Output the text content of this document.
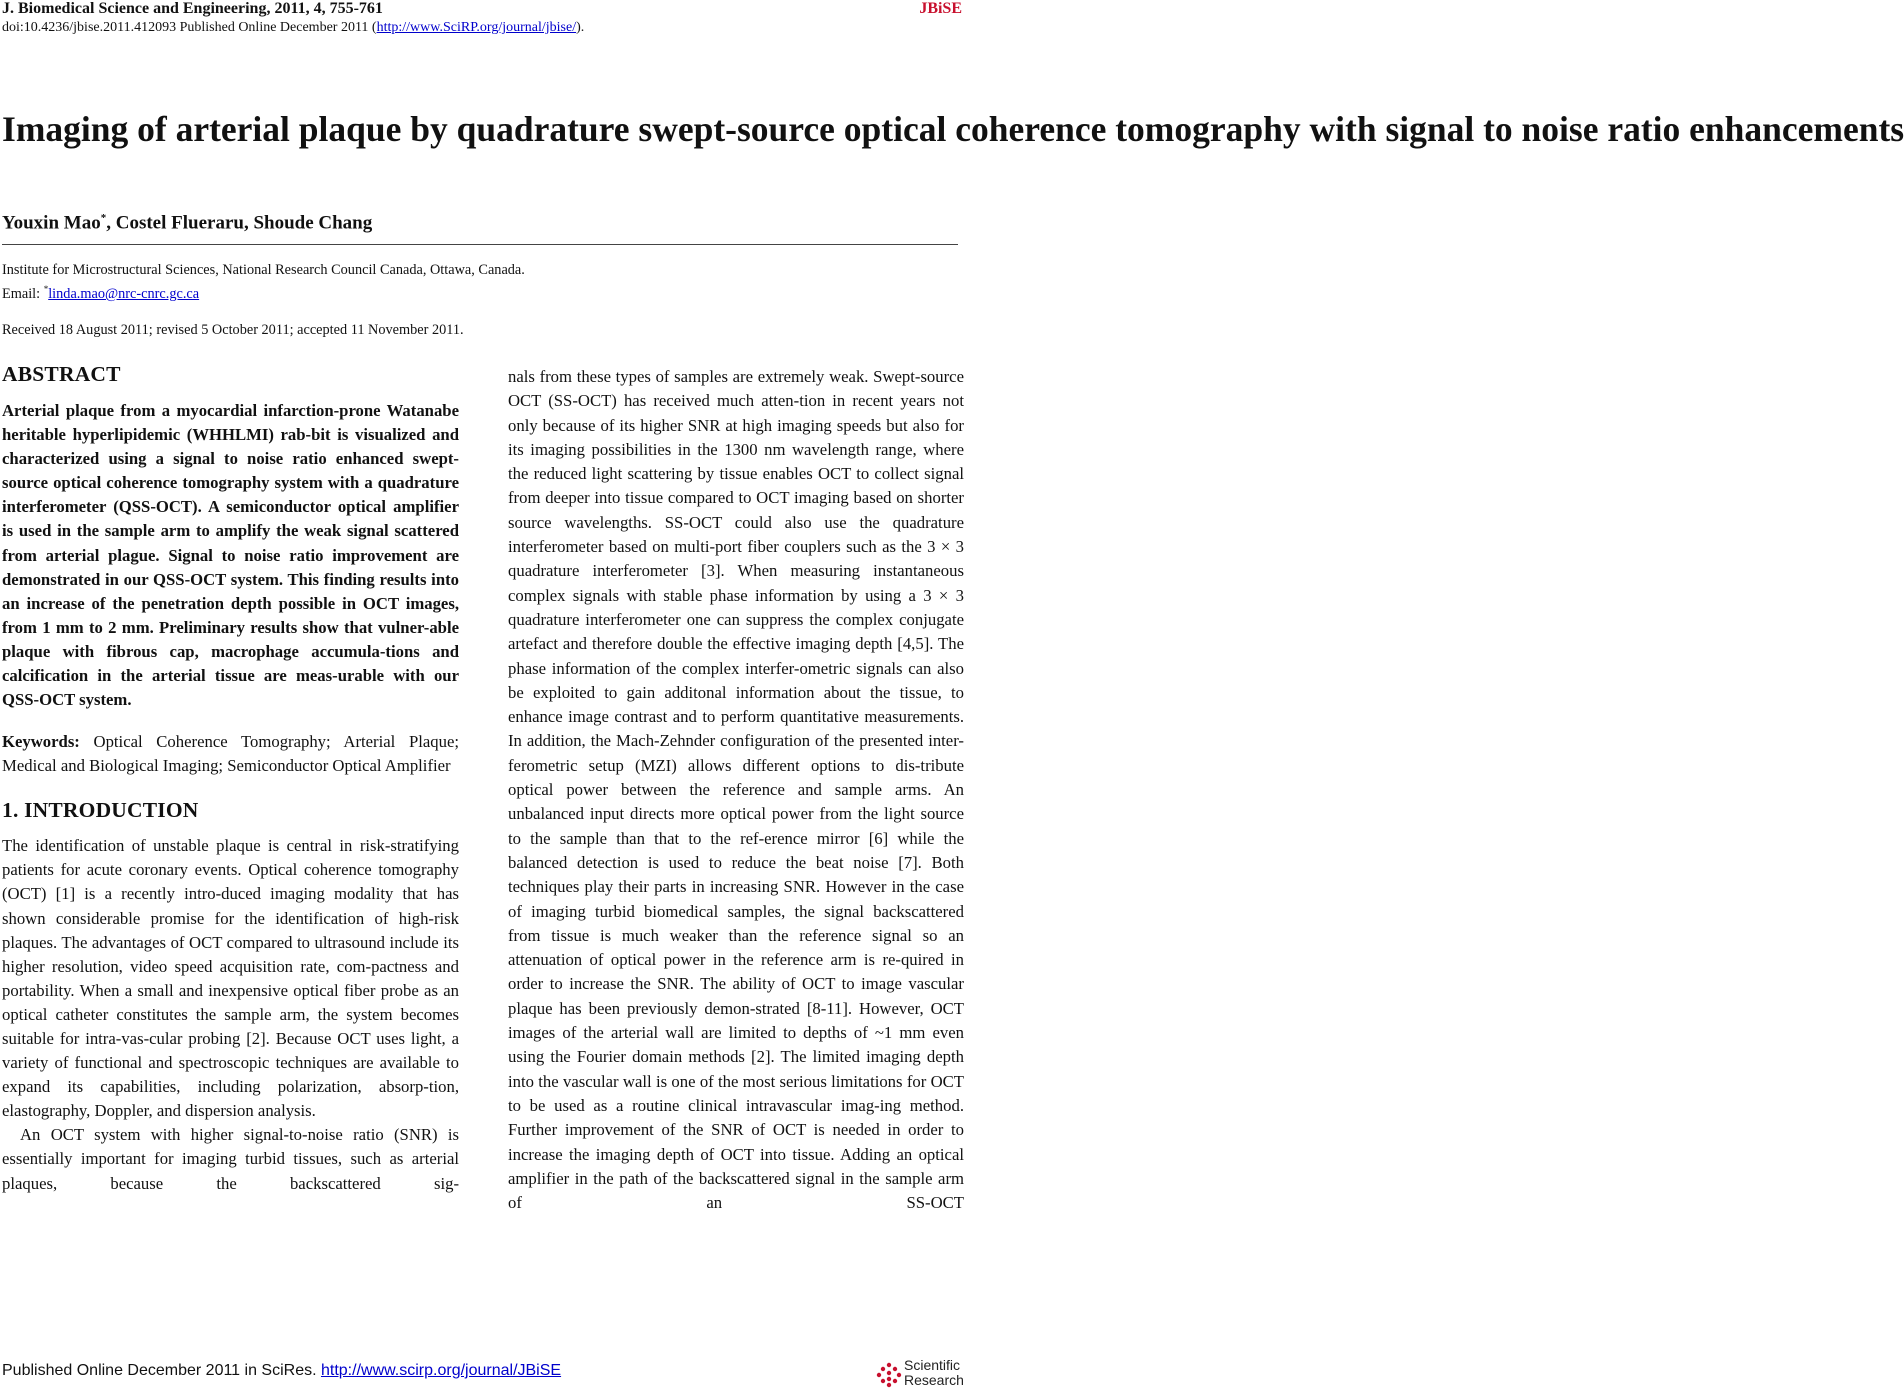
J. Biomedical Science and Engineering, 2011, 4, 755-761	JBiSE
doi:10.4236/jbise.2011.412093 Published Online December 2011 (http://www.SciRP.org/journal/jbise/).
Imaging of arterial plaque by quadrature swept-source optical coherence tomography with signal to noise ratio enhancements
Youxin Mao*, Costel Flueraru, Shoude Chang
Institute for Microstructural Sciences, National Research Council Canada, Ottawa, Canada.
Email: *linda.mao@nrc-cnrc.gc.ca
Received 18 August 2011; revised 5 October 2011; accepted 11 November 2011.
ABSTRACT

Arterial plaque from a myocardial infarction-prone Watanabe heritable hyperlipidemic (WHHLMI) rab-bit is visualized and characterized using a signal to noise ratio enhanced swept-source optical coherence tomography system with a quadrature interferometer (QSS-OCT). A semiconductor optical amplifier is used in the sample arm to amplify the weak signal scattered from arterial plague. Signal to noise ratio improvement are demonstrated in our QSS-OCT system. This finding results into an increase of the penetration depth possible in OCT images, from 1 mm to 2 mm. Preliminary results show that vulner-able plaque with fibrous cap, macrophage accumula-tions and calcification in the arterial tissue are meas-urable with our QSS-OCT system.

Keywords: Optical Coherence Tomography; Arterial Plaque; Medical and Biological Imaging; Semiconductor Optical Amplifier

1. INTRODUCTION

The identification of unstable plaque is central in risk-stratifying patients for acute coronary events. Optical coherence tomography (OCT) [1] is a recently intro-duced imaging modality that has shown considerable promise for the identification of high-risk plaques. The advantages of OCT compared to ultrasound include its higher resolution, video speed acquisition rate, com-pactness and portability. When a small and inexpensive optical fiber probe as an optical catheter constitutes the sample arm, the system becomes suitable for intra-vas-cular probing [2]. Because OCT uses light, a variety of functional and spectroscopic techniques are available to expand its capabilities, including polarization, absorp-tion, elastography, Doppler, and dispersion analysis.

An OCT system with higher signal-to-noise ratio (SNR) is essentially important for imaging turbid tissues, such as arterial plaques, because the backscattered sig-

nals from these types of samples are extremely weak. Swept-source OCT (SS-OCT) has received much atten-tion in recent years not only because of its higher SNR at high imaging speeds but also for its imaging possibilities in the 1300 nm wavelength range, where the reduced light scattering by tissue enables OCT to collect signal from deeper into tissue compared to OCT imaging based on shorter source wavelengths. SS-OCT could also use the quadrature interferometer based on multi-port fiber couplers such as the 3 × 3 quadrature interferometer [3]. When measuring instantaneous complex signals with stable phase information by using a 3 × 3 quadrature interferometer one can suppress the complex conjugate artefact and therefore double the effective imaging depth [4,5]. The phase information of the complex interfer-ometric signals can also be exploited to gain additonal information about the tissue, to enhance image contrast and to perform quantitative measurements. In addition, the Mach-Zehnder configuration of the presented inter-ferometric setup (MZI) allows different options to dis-tribute optical power between the reference and sample arms. An unbalanced input directs more optical power from the light source to the sample than that to the ref-erence mirror [6] while the balanced detection is used to reduce the beat noise [7]. Both techniques play their parts in increasing SNR. However in the case of imaging turbid biomedical samples, the signal backscattered from tissue is much weaker than the reference signal so an attenuation of optical power in the reference arm is re-quired in order to increase the SNR. The ability of OCT to image vascular plaque has been previously demon-strated [8-11]. However, OCT images of the arterial wall are limited to depths of ~1 mm even using the Fourier domain methods [2]. The limited imaging depth into the vascular wall is one of the most serious limitations for OCT to be used as a routine clinical intravascular imag-ing method. Further improvement of the SNR of OCT is needed in order to increase the imaging depth of OCT into tissue. Adding an optical amplifier in the path of the backscattered signal in the sample arm of an SS-OCT

Published Online December 2011 in SciRes. http://www.scirp.org/journal/JBiSE	Scientific
Research
